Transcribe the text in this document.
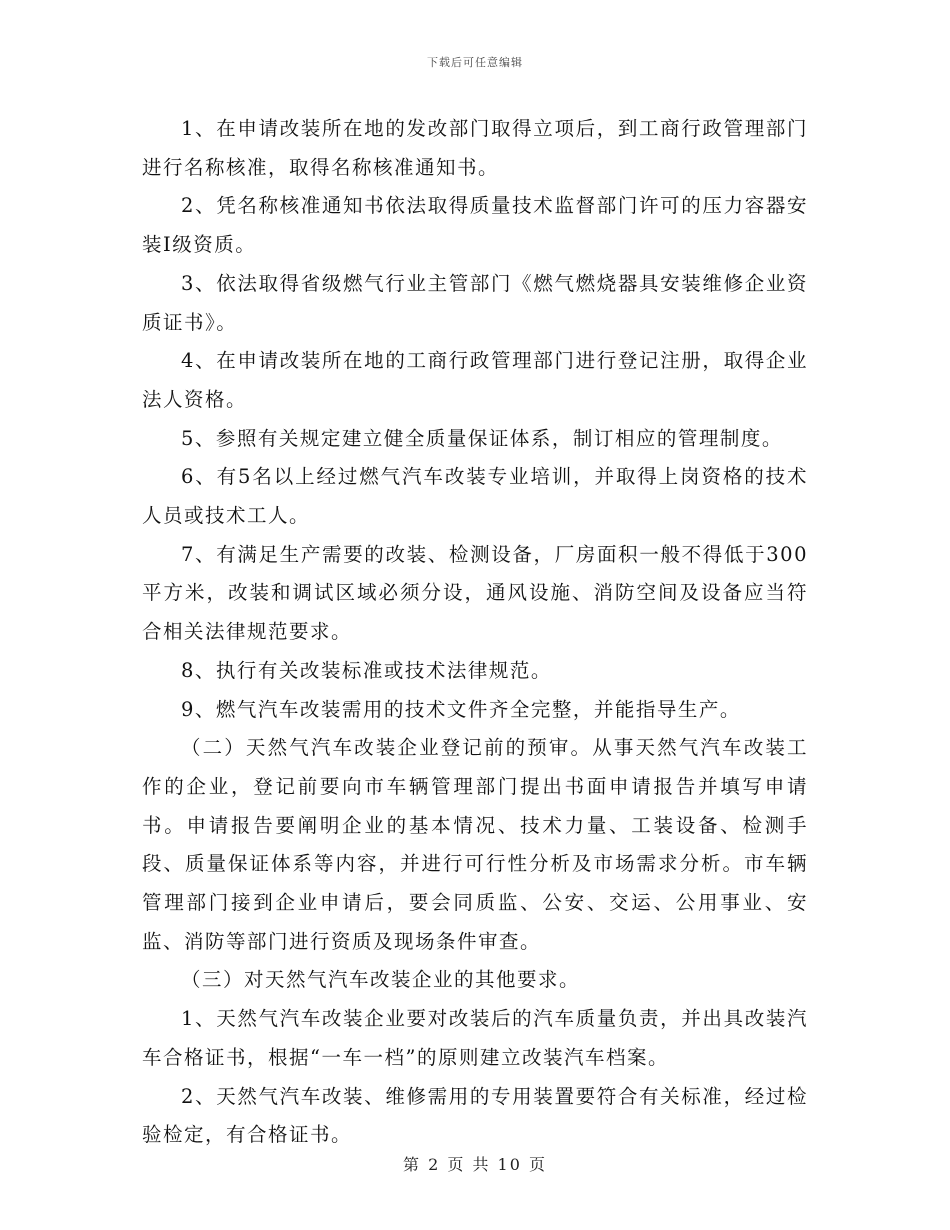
下载后可任意编辑

1、在申请改装所在地的发改部门取得立项后，到工商行政管理部门进行名称核准，取得名称核准通知书。

2、凭名称核准通知书依法取得质量技术监督部门许可的压力容器安装Ⅰ级资质。

3、依法取得省级燃气行业主管部门《燃气燃烧器具安装维修企业资质证书》。

4、在申请改装所在地的工商行政管理部门进行登记注册，取得企业法人资格。

5、参照有关规定建立健全质量保证体系，制订相应的管理制度。

6、有5名以上经过燃气汽车改装专业培训，并取得上岗资格的技术人员或技术工人。

7、有满足生产需要的改装、检测设备，厂房面积一般不得低于300平方米，改装和调试区域必须分设，通风设施、消防空间及设备应当符合相关法律规范要求。

8、执行有关改装标准或技术法律规范。

9、燃气汽车改装需用的技术文件齐全完整，并能指导生产。

（二）天然气汽车改装企业登记前的预审。从事天然气汽车改装工作的企业，登记前要向市车辆管理部门提出书面申请报告并填写申请书。申请报告要阐明企业的基本情况、技术力量、工装设备、检测手段、质量保证体系等内容，并进行可行性分析及市场需求分析。市车辆管理部门接到企业申请后，要会同质监、公安、交运、公用事业、安监、消防等部门进行资质及现场条件审查。

（三）对天然气汽车改装企业的其他要求。

1、天然气汽车改装企业要对改装后的汽车质量负责，并出具改装汽车合格证书，根据“一车一档”的原则建立改装汽车档案。

2、天然气汽车改装、维修需用的专用装置要符合有关标准，经过检验检定，有合格证书。

第 2 页 共 10 页
